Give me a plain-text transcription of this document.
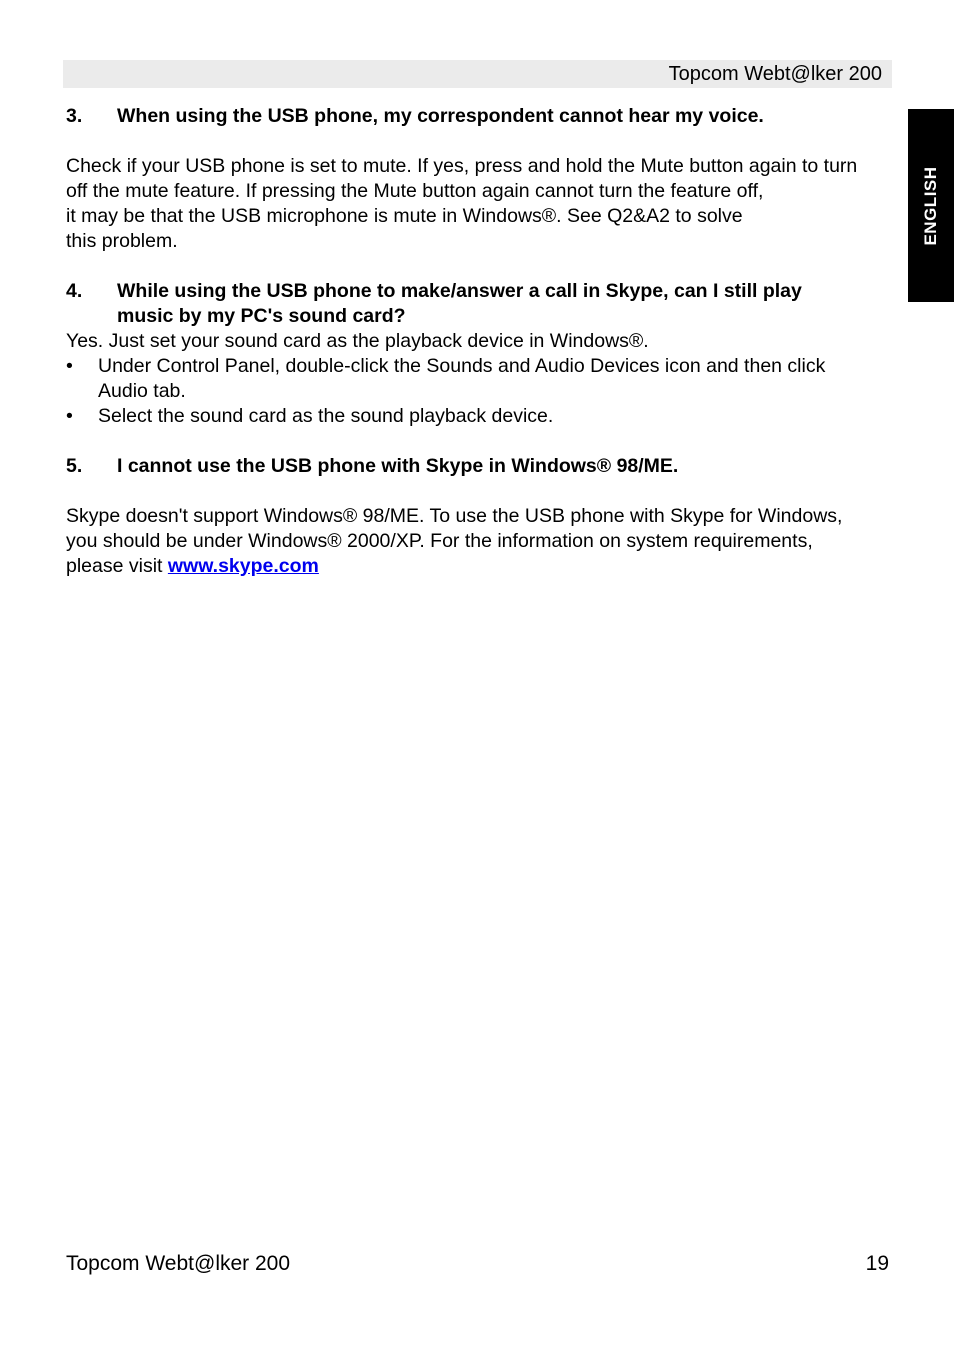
Topcom Webt@lker 200
ENGLISH
3. When using the USB phone, my correspondent cannot hear my voice.

Check if your USB phone is set to mute. If yes, press and hold the Mute button again to turn

off the mute feature. If pressing the Mute button again cannot turn the feature off,

it may be that the USB microphone is mute in Windows®. See Q2&A2 to solve

this problem.

4. While using the USB phone to make/answer a call in Skype, can I still play
music by my PC's sound card?

Yes. Just set your sound card as the playback device in Windows®.

• Under Control Panel, double-click the Sounds and Audio Devices icon and then click
Audio tab.
• Select the sound card as the sound playback device.
5. I cannot use the USB phone with Skype in Windows® 98/ME.

Skype doesn't support Windows® 98/ME. To use the USB phone with Skype for Windows,

you should be under Windows® 2000/XP. For the information on system requirements,

please visit www.skype.com

Topcom Webt@lker 200	19
